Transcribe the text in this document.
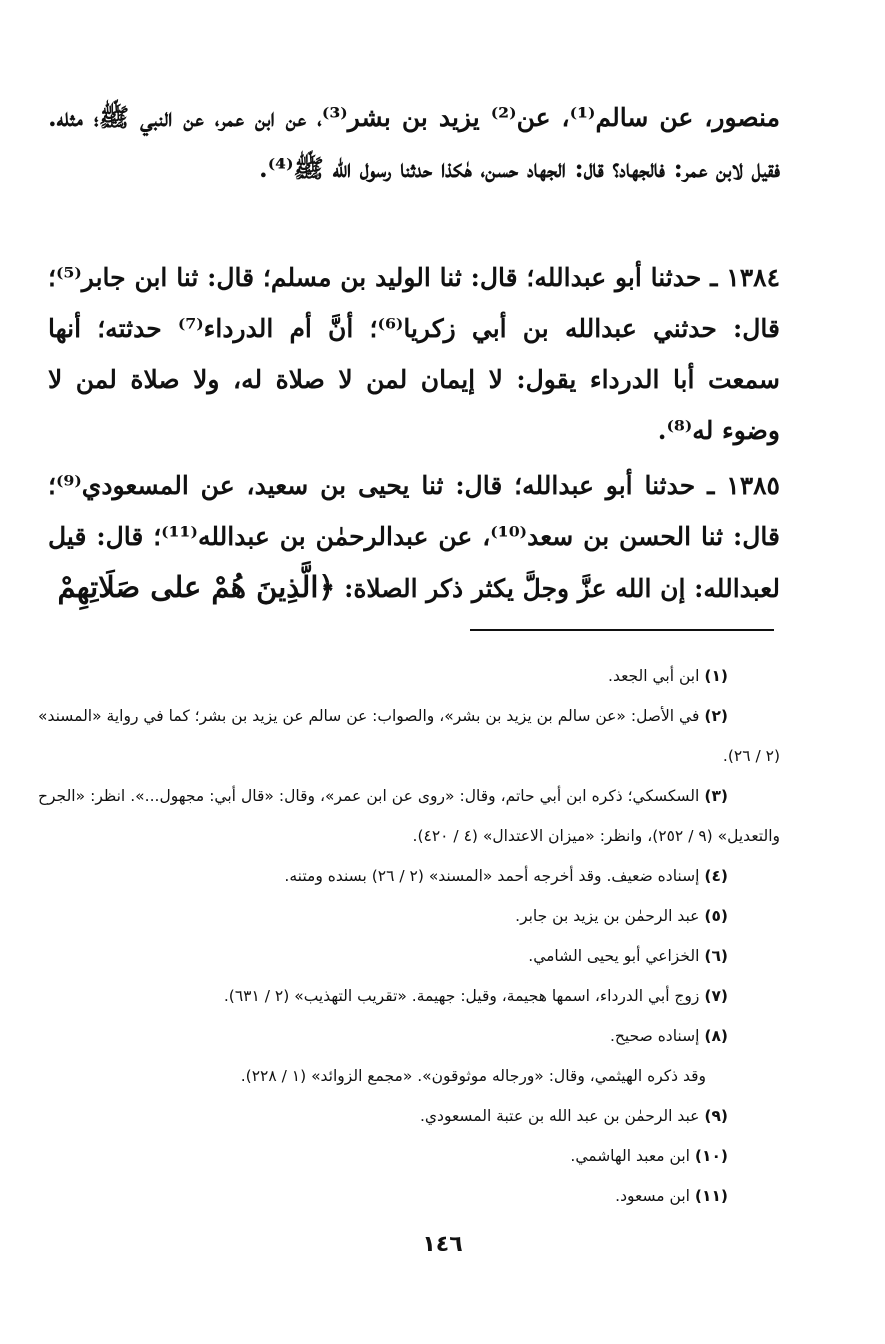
منصور، عن سالم⁽¹⁾، عن⁽²⁾ يزيد بن بشر⁽³⁾، عن ابن عمر، عن النبي ﷺ؛ مثله. فقيل لابن عمر: فالجهاد؟ قال: الجهاد حسن، هٰكذا حدثنا رسول الله ﷺ⁽⁴⁾.

١٣٨٤ ـ حدثنا أبو عبدالله؛ قال: ثنا الوليد بن مسلم؛ قال: ثنا ابن جابر⁽⁵⁾؛ قال: حدثني عبدالله بن أبي زكريا⁽⁶⁾؛ أنَّ أم الدرداء⁽⁷⁾ حدثته؛ أنها سمعت أبا الدرداء يقول: لا إيمان لمن لا صلاة له، ولا صلاة لمن لا وضوء له⁽⁸⁾.

١٣٨٥ ـ حدثنا أبو عبدالله؛ قال: ثنا يحيى بن سعيد، عن المسعودي⁽⁹⁾؛ قال: ثنا الحسن بن سعد⁽¹⁰⁾، عن عبدالرحمٰن بن عبدالله⁽¹¹⁾؛ قال: قيل لعبدالله: إن الله عزَّ وجلَّ يكثر ذكر الصلاة: ﴿الَّذِينَ هُمْ على صَلَاتِهِمْ

(١) ابن أبي الجعد.

(٢) في الأصل: «عن سالم بن يزيد بن بشر»، والصواب: عن سالم عن يزيد بن بشر؛ كما في رواية «المسند» (٢ / ٢٦).

(٣) السكسكي؛ ذكره ابن أبي حاتم، وقال: «روى عن ابن عمر»، وقال: «قال أبي: مجهول...». انظر: «الجرح والتعديل» (٩ / ٢٥٢)، وانظر: «ميزان الاعتدال» (٤ / ٤٢٠).

(٤) إسناده ضعيف. وقد أخرجه أحمد «المسند» (٢ / ٢٦) بسنده ومتنه.

(٥) عبد الرحمٰن بن يزيد بن جابر.

(٦) الخزاعي أبو يحيى الشامي.

(٧) زوج أبي الدرداء، اسمها هجيمة، وقيل: جهيمة. «تقريب التهذيب» (٢ / ٦٣١).

(٨) إسناده صحيح.

وقد ذكره الهيثمي، وقال: «ورجاله موثوقون». «مجمع الزوائد» (١ / ٢٢٨).

(٩) عبد الرحمٰن بن عبد الله بن عتبة المسعودي.

(١٠) ابن معبد الهاشمي.

(١١) ابن مسعود.

١٤٦
